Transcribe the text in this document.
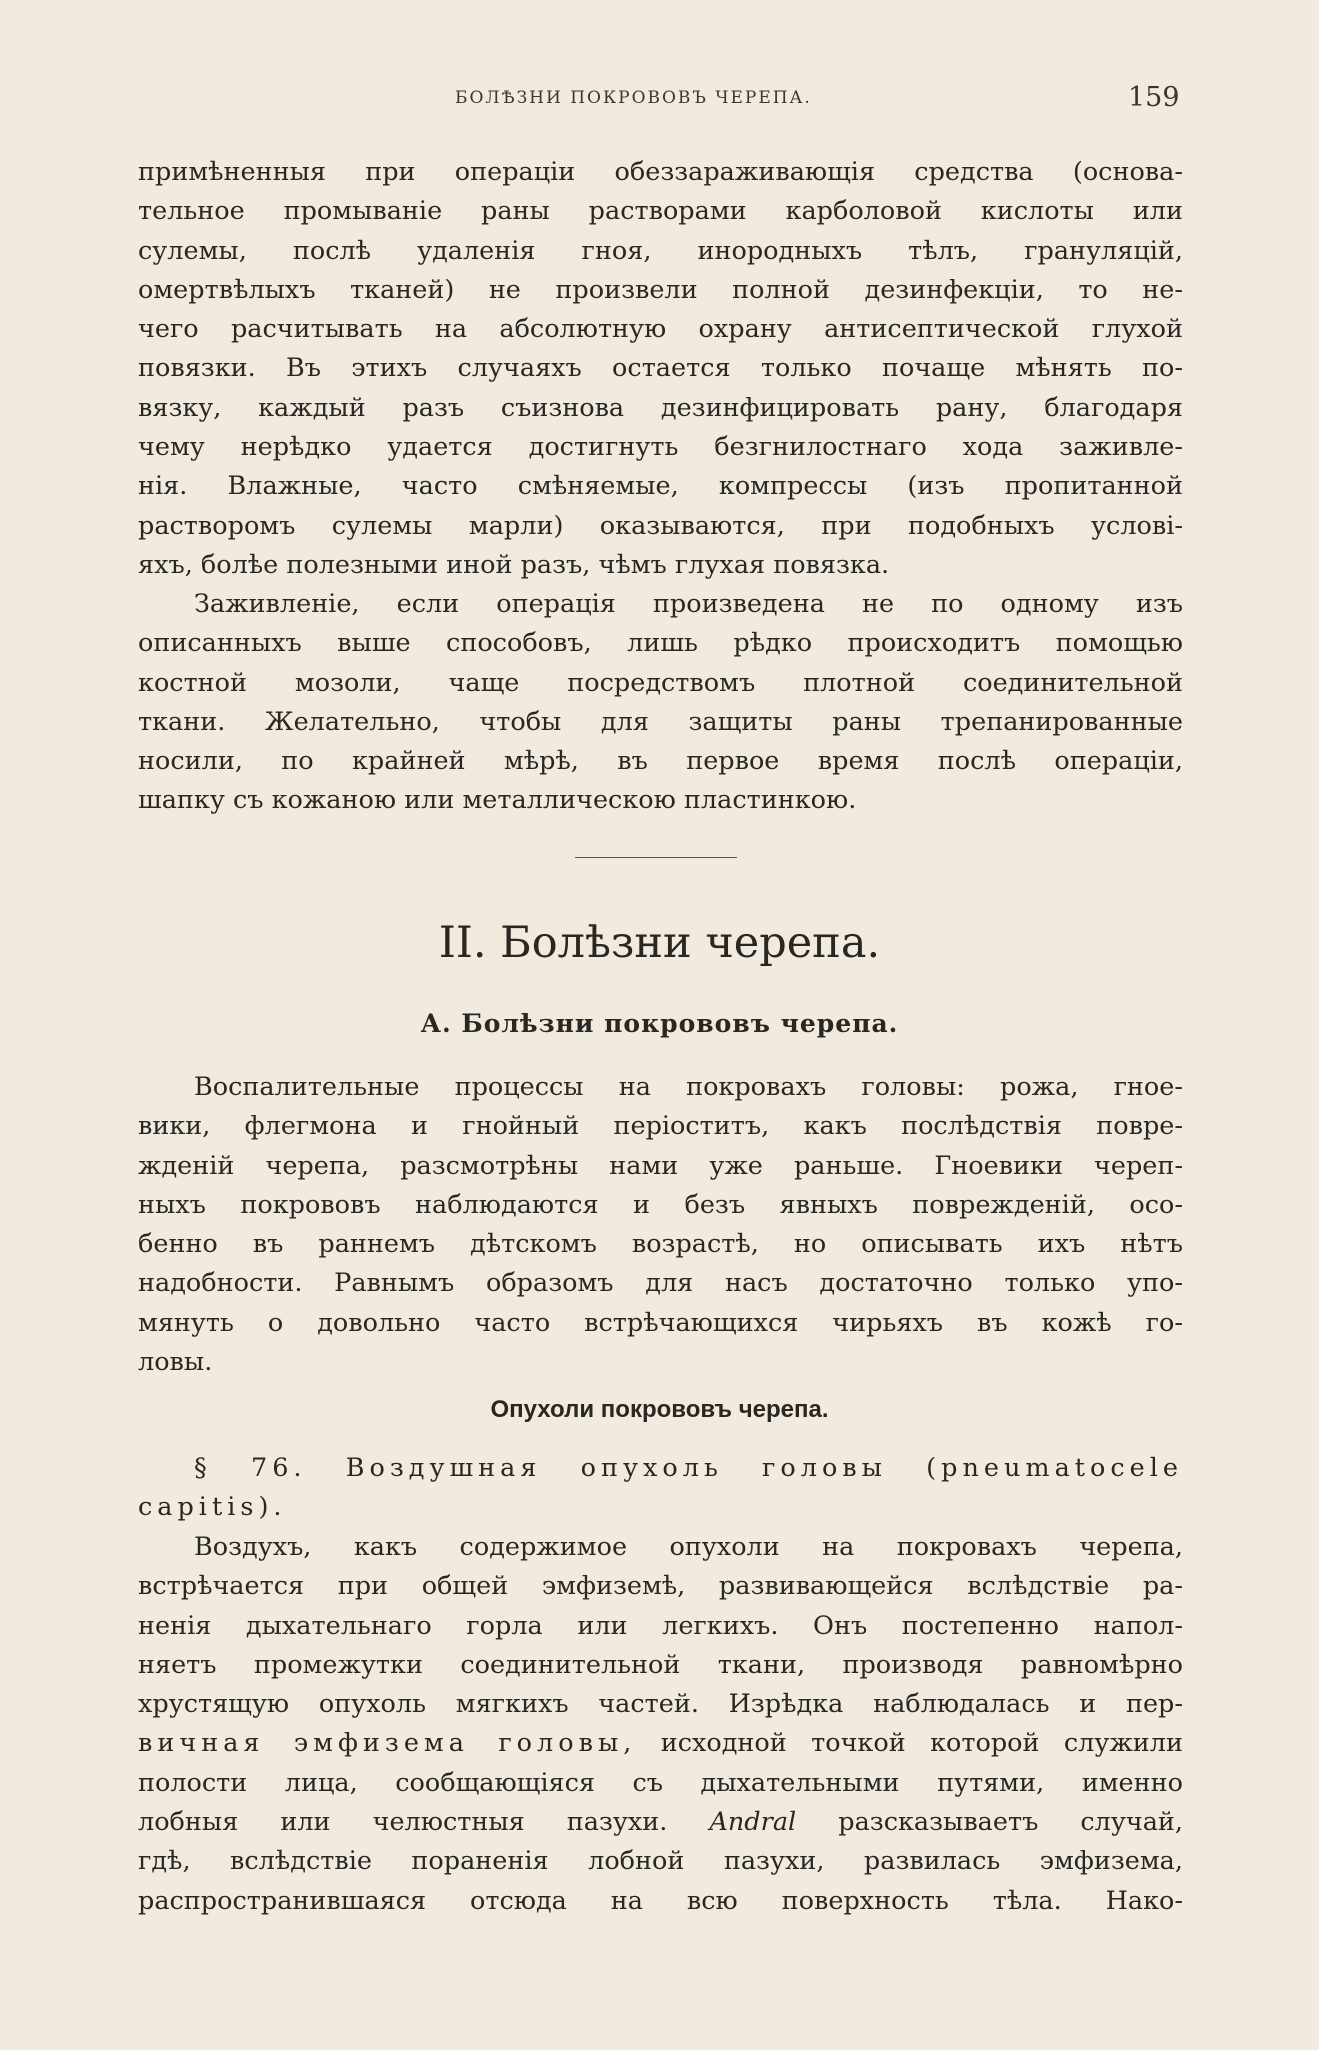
БОЛѢЗНИ ПОКРОВОВЪ ЧЕРЕПА.	159
примѣненныя при операціи обеззараживающія средства (основа-
тельное промываніе раны растворами карболовой кислоты или
сулемы, послѣ удаленія гноя, инородныхъ тѣлъ, грануляцій,
омертвѣлыхъ тканей) не произвели полной дезинфекціи, то не-
чего расчитывать на абсолютную охрану антисептической глухой
повязки. Въ этихъ случаяхъ остается только почаще мѣнять по-
вязку, каждый разъ съизнова дезинфицировать рану, благодаря
чему нерѣдко удается достигнуть безгнилостнаго хода заживле-
нія. Влажные, часто смѣняемые, компрессы (изъ пропитанной
растворомъ сулемы марли) оказываются, при подобныхъ услові-
яхъ, болѣе полезными иной разъ, чѣмъ глухая повязка.
Заживленіе, если операція произведена не по одному изъ
описанныхъ выше способовъ, лишь рѣдко происходитъ помощью
костной мозоли, чаще посредствомъ плотной соединительной
ткани. Желательно, чтобы для защиты раны трепанированные
носили, по крайней мѣрѣ, въ первое время послѣ операціи,
шапку съ кожаною или металлическою пластинкою.
II. Болѣзни черепа.
А. Болѣзни покрововъ черепа.
Воспалительные процессы на покровахъ головы: рожа, гное-
вики, флегмона и гнойный періоститъ, какъ послѣдствія повре-
жденій черепа, разсмотрѣны нами уже раньше. Гноевики череп-
ныхъ покрововъ наблюдаются и безъ явныхъ поврежденій, осо-
бенно въ раннемъ дѣтскомъ возрастѣ, но описывать ихъ нѣтъ
надобности. Равнымъ образомъ для насъ достаточно только упо-
мянуть о довольно часто встрѣчающихся чирьяхъ въ кожѣ го-
ловы.
Опухоли покрововъ черепа.
§ 76. Воздушная опухоль головы (pneumatocele
capitis).
Воздухъ, какъ содержимое опухоли на покровахъ черепа,
встрѣчается при общей эмфиземѣ, развивающейся вслѣдствіе ра-
ненія дыхательнаго горла или легкихъ. Онъ постепенно напол-
няетъ промежутки соединительной ткани, производя равномѣрно
хрустящую опухоль мягкихъ частей. Изрѣдка наблюдалась и пер-
вичная эмфизема головы, исходной точкой которой служили
полости лица, сообщающіяся съ дыхательными путями, именно
лобныя или челюстныя пазухи. Andral разсказываетъ случай,
гдѣ, вслѣдствіе пораненія лобной пазухи, развилась эмфизема,
распространившаяся отсюда на всю поверхность тѣла. Нако-
